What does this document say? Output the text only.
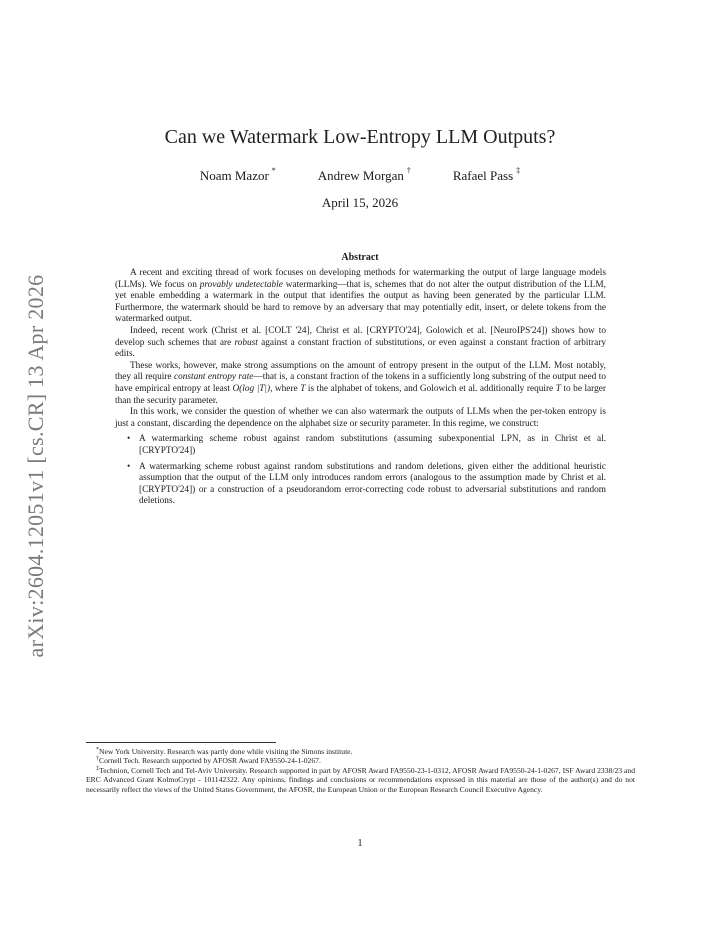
arXiv:2604.12051v1 [cs.CR] 13 Apr 2026
Can we Watermark Low-Entropy LLM Outputs?
Noam Mazor *	Andrew Morgan †	Rafael Pass ‡
April 15, 2026
Abstract

A recent and exciting thread of work focuses on developing methods for watermarking the output of large language models (LLMs). We focus on provably undetectable watermarking—that is, schemes that do not alter the output distribution of the LLM, yet enable embedding a watermark in the output that identifies the output as having been generated by the particular LLM. Furthermore, the watermark should be hard to remove by an adversary that may potentially edit, insert, or delete tokens from the watermarked output.

Indeed, recent work (Christ et al. [COLT '24], Christ et al. [CRYPTO'24], Golowich et al. [NeuroIPS'24]) shows how to develop such schemes that are robust against a constant fraction of substitutions, or even against a constant fraction of arbitrary edits.

These works, however, make strong assumptions on the amount of entropy present in the output of the LLM. Most notably, they all require constant entropy rate—that is, a constant fraction of the tokens in a sufficiently long substring of the output need to have empirical entropy at least O(log |T|), where T is the alphabet of tokens, and Golowich et al. additionally require T to be larger than the security parameter.

In this work, we consider the question of whether we can also watermark the outputs of LLMs when the per-token entropy is just a constant, discarding the dependence on the alphabet size or security parameter. In this regime, we construct:

• A watermarking scheme robust against random substitutions (assuming subexponential LPN, as in Christ et al. [CRYPTO'24])
• A watermarking scheme robust against random substitutions and random deletions, given either the additional heuristic assumption that the output of the LLM only introduces random errors (analogous to the assumption made by Christ et al. [CRYPTO'24]) or a construction of a pseudorandom error-correcting code robust to adversarial substitutions and random deletions.

*New York University. Research was partly done while visiting the Simons institute.

†Cornell Tech. Research supported by AFOSR Award FA9550-24-1-0267.

‡Technion, Cornell Tech and Tel-Aviv University. Research supported in part by AFOSR Award FA9550-23-1-0312, AFOSR Award FA9550-24-1-0267, ISF Award 2338/23 and ERC Advanced Grant KolmoCrypt - 101142322. Any opinions, findings and conclusions or recommendations expressed in this material are those of the author(s) and do not necessarily reflect the views of the United States Government, the AFOSR, the European Union or the European Research Council Executive Agency.

1
